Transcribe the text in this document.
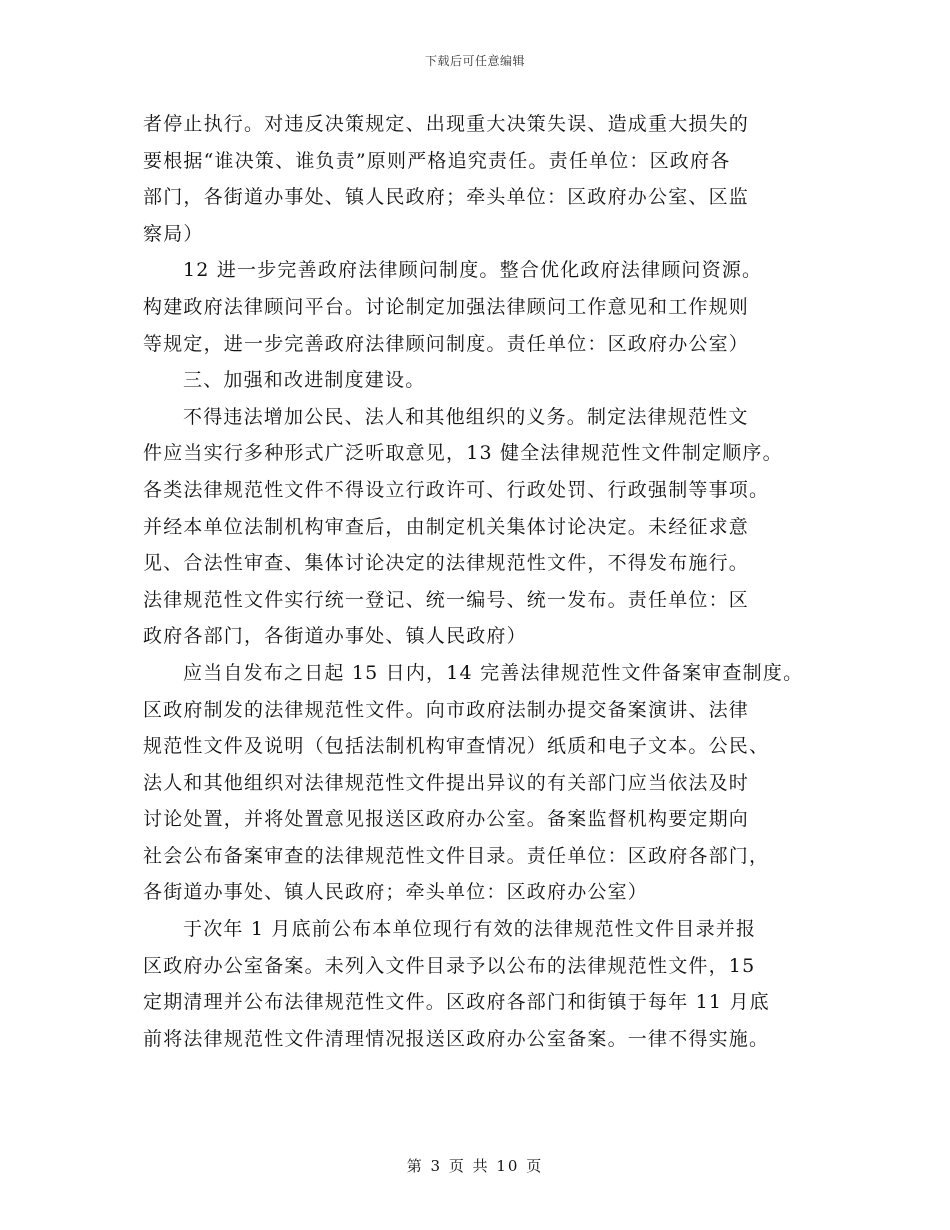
下载后可任意编辑
者停止执行。对违反决策规定、出现重大决策失误、造成重大损失的
要根据“谁决策、谁负责”原则严格追究责任。责任单位：区政府各
部门，各街道办事处、镇人民政府；牵头单位：区政府办公室、区监
察局）
12 进一步完善政府法律顾问制度。整合优化政府法律顾问资源。
构建政府法律顾问平台。讨论制定加强法律顾问工作意见和工作规则
等规定，进一步完善政府法律顾问制度。责任单位：区政府办公室）
三、加强和改进制度建设。
不得违法增加公民、法人和其他组织的义务。制定法律规范性文
件应当实行多种形式广泛听取意见，13 健全法律规范性文件制定顺序。
各类法律规范性文件不得设立行政许可、行政处罚、行政强制等事项。
并经本单位法制机构审查后，由制定机关集体讨论决定。未经征求意
见、合法性审查、集体讨论决定的法律规范性文件，不得发布施行。
法律规范性文件实行统一登记、统一编号、统一发布。责任单位：区
政府各部门，各街道办事处、镇人民政府）
应当自发布之日起 15 日内，14 完善法律规范性文件备案审查制度。
区政府制发的法律规范性文件。向市政府法制办提交备案演讲、法律
规范性文件及说明（包括法制机构审查情况）纸质和电子文本。公民、
法人和其他组织对法律规范性文件提出异议的有关部门应当依法及时
讨论处置，并将处置意见报送区政府办公室。备案监督机构要定期向
社会公布备案审查的法律规范性文件目录。责任单位：区政府各部门，
各街道办事处、镇人民政府；牵头单位：区政府办公室）
于次年 1 月底前公布本单位现行有效的法律规范性文件目录并报
区政府办公室备案。未列入文件目录予以公布的法律规范性文件，15
定期清理并公布法律规范性文件。区政府各部门和街镇于每年 11 月底
前将法律规范性文件清理情况报送区政府办公室备案。一律不得实施。
第 3 页 共 10 页
